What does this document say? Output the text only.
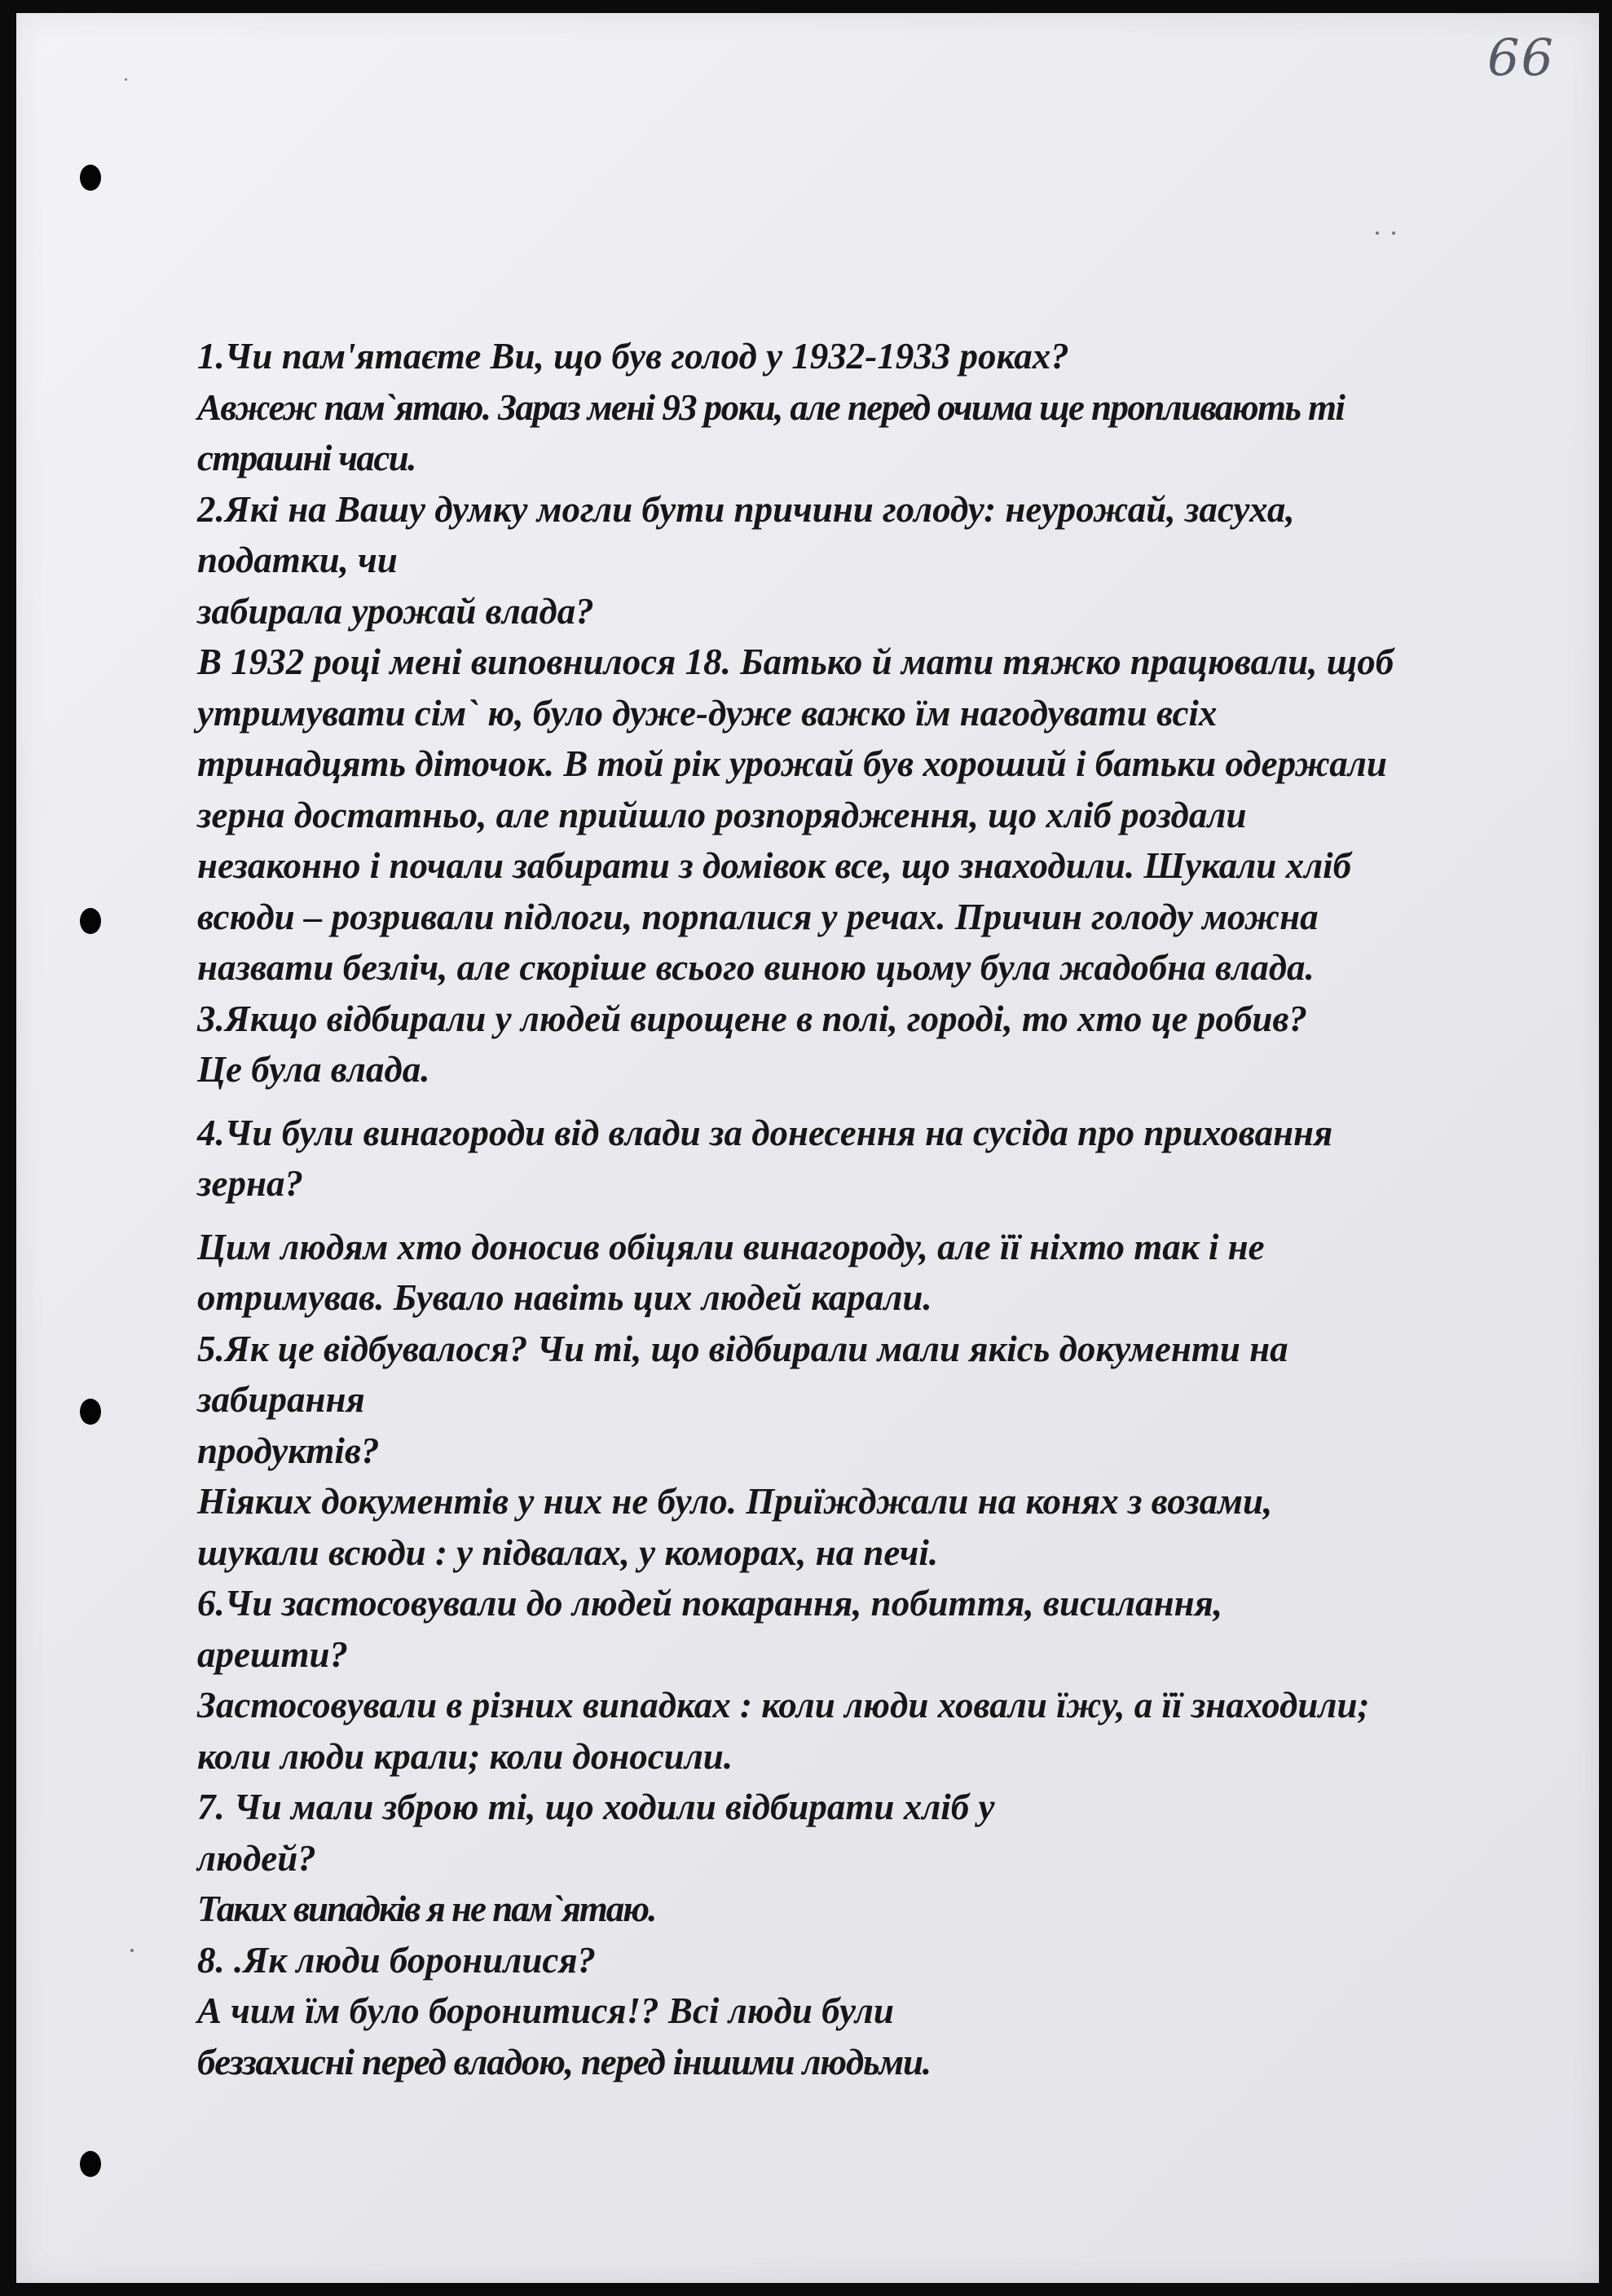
66
1.Чи пам'ятаєте Ви, що був голод у 1932-1933 роках?
Авжеж пам`ятаю. Зараз мені 93 роки, але перед очима ще пропливають ті
страшні часи.
2.Які на Вашу думку могли бути причини голоду: неурожай, засуха,
податки, чи
забирала урожай влада?
В 1932 році мені виповнилося 18. Батько й мати тяжко працювали, щоб
утримувати сім` ю, було дуже-дуже важко їм нагодувати всіх
тринадцять діточок. В той рік урожай був хороший і батьки одержали
зерна достатньо, але прийшло розпорядження, що хліб роздали
незаконно і почали забирати з домівок все, що знаходили. Шукали хліб
всюди – розривали підлоги, порпалися у речах. Причин голоду можна
назвати безліч, але скоріше всього виною цьому була жадобна влада.
3.Якщо відбирали у людей вирощене в полі, городі, то хто це робив?
Це була влада.
4.Чи були винагороди від влади за донесення на сусіда про приховання
зерна?
Цим людям хто доносив обіцяли винагороду, але її ніхто так і не
отримував. Бувало навіть цих людей карали.
5.Як це відбувалося? Чи ті, що відбирали мали якісь документи на
забирання
продуктів?
Ніяких документів у них не було. Приїжджали на конях з возами,
шукали всюди : у підвалах, у коморах, на печі.
6.Чи застосовували до людей покарання, побиття, висилання,
арешти?
Застосовували в різних випадках : коли люди ховали їжу, а її знаходили;
коли люди крали; коли доносили.
7. Чи мали зброю ті, що ходили відбирати хліб у
людей?
Таких випадків я не пам`ятаю.
8. .Як люди боронилися?
А чим їм було боронитися!? Всі люди були
беззахисні перед владою, перед іншими людьми.
